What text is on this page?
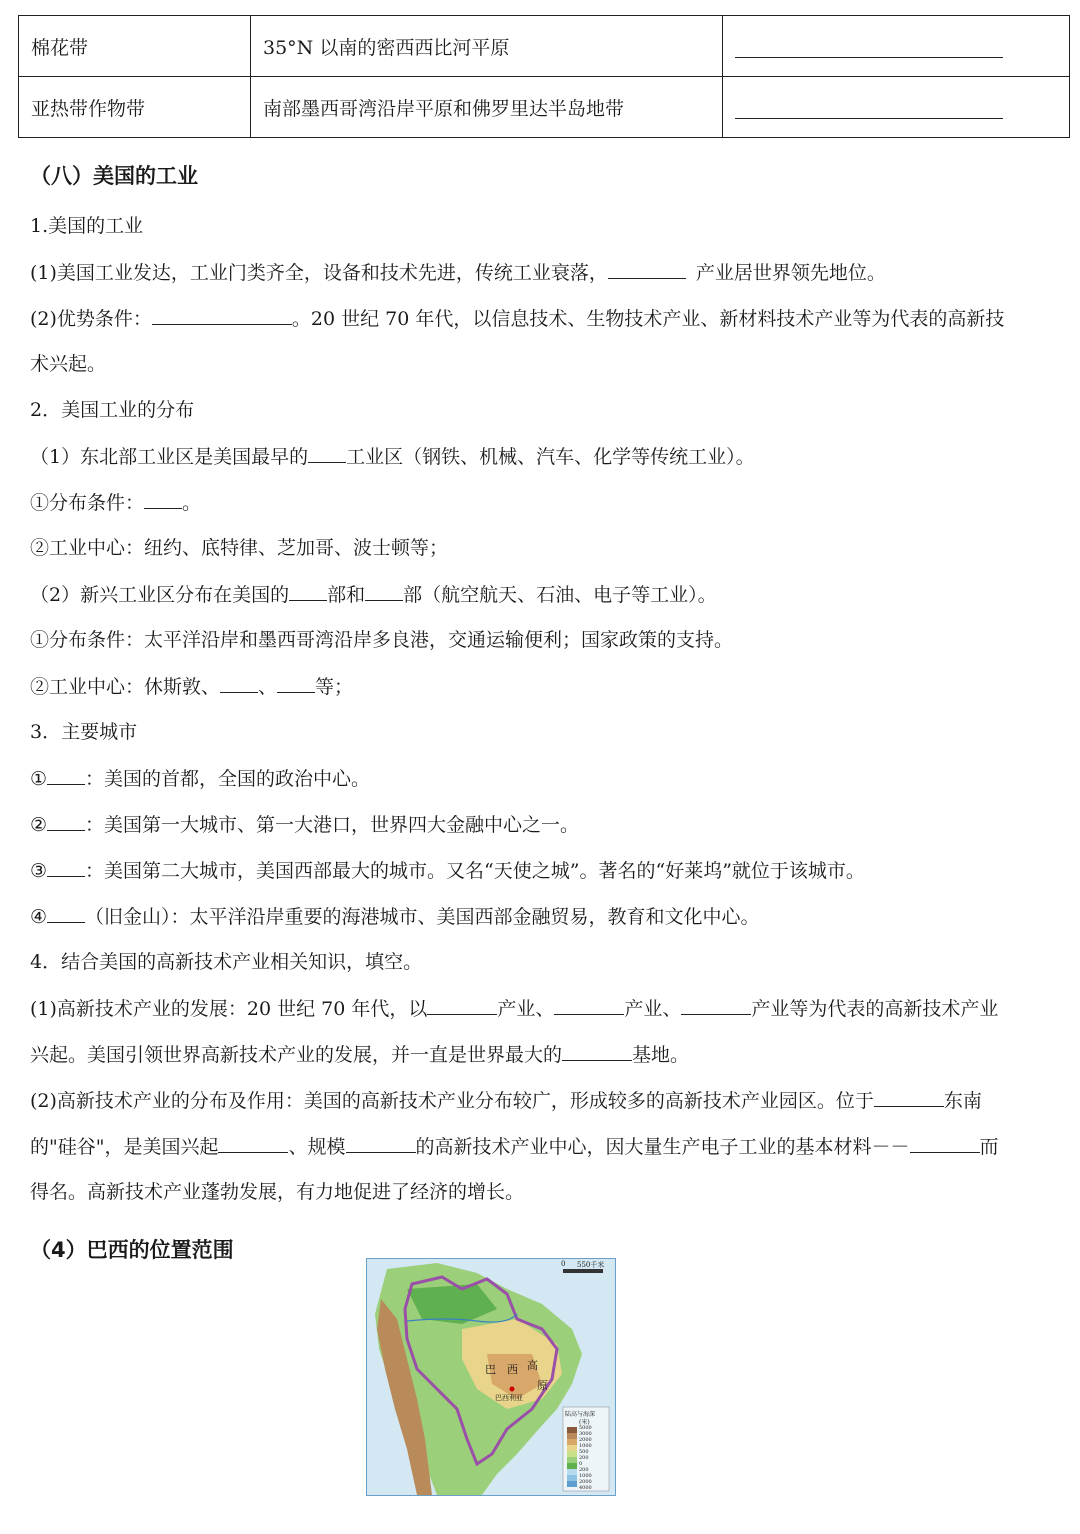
棉花带	35°N 以南的密西西比河平原	

亚热带作物带	南部墨西哥湾沿岸平原和佛罗里达半岛地带	
（八）美国的工业
1.美国的工业
(1)美国工业发达，工业门类齐全，设备和技术先进，传统工业衰落，	产业居世界领先地位。
(2)优势条件：	。20 世纪 70 年代，以信息技术、生物技术产业、新材料技术产业等为代表的高新技
术兴起。
2．美国工业的分布
（1）东北部工业区是美国最早的 工业区（钢铁、机械、汽车、化学等传统工业）。
①分布条件： 。
②工业中心：纽约、底特律、芝加哥、波士顿等；
（2）新兴工业区分布在美国的 部和 部（航空航天、石油、电子等工业）。
①分布条件：太平洋沿岸和墨西哥湾沿岸多良港，交通运输便利；国家政策的支持。
②工业中心：休斯敦、 、 等；
3．主要城市
① ：美国的首都，全国的政治中心。
② ：美国第一大城市、第一大港口，世界四大金融中心之一。
③ ：美国第二大城市，美国西部最大的城市。又名“天使之城”。著名的“好莱坞”就位于该城市。
④ （旧金山）：太平洋沿岸重要的海港城市、美国西部金融贸易，教育和文化中心。
4．结合美国的高新技术产业相关知识，填空。
(1)高新技术产业的发展：20 世纪 70 年代，以	产业、	产业、	产业等为代表的高新技术产业
兴起。美国引领世界高新技术产业的发展，并一直是世界最大的	基地。
(2)高新技术产业的分布及作用：美国的高新技术产业分布较广，形成较多的高新技术产业园区。位于	东南
的"硅谷"，是美国兴起	、规模	的高新技术产业中心，因大量生产电子工业的基本材料－－	而
得名。高新技术产业蓬勃发展，有力地促进了经济的增长。
（4）巴西的位置范围
0 550千米
巴 西 高
原
巴西利亚
陆高与海深
(米)
5000
3000
2000
1000
500
200
0
200
1000
2000
4000
